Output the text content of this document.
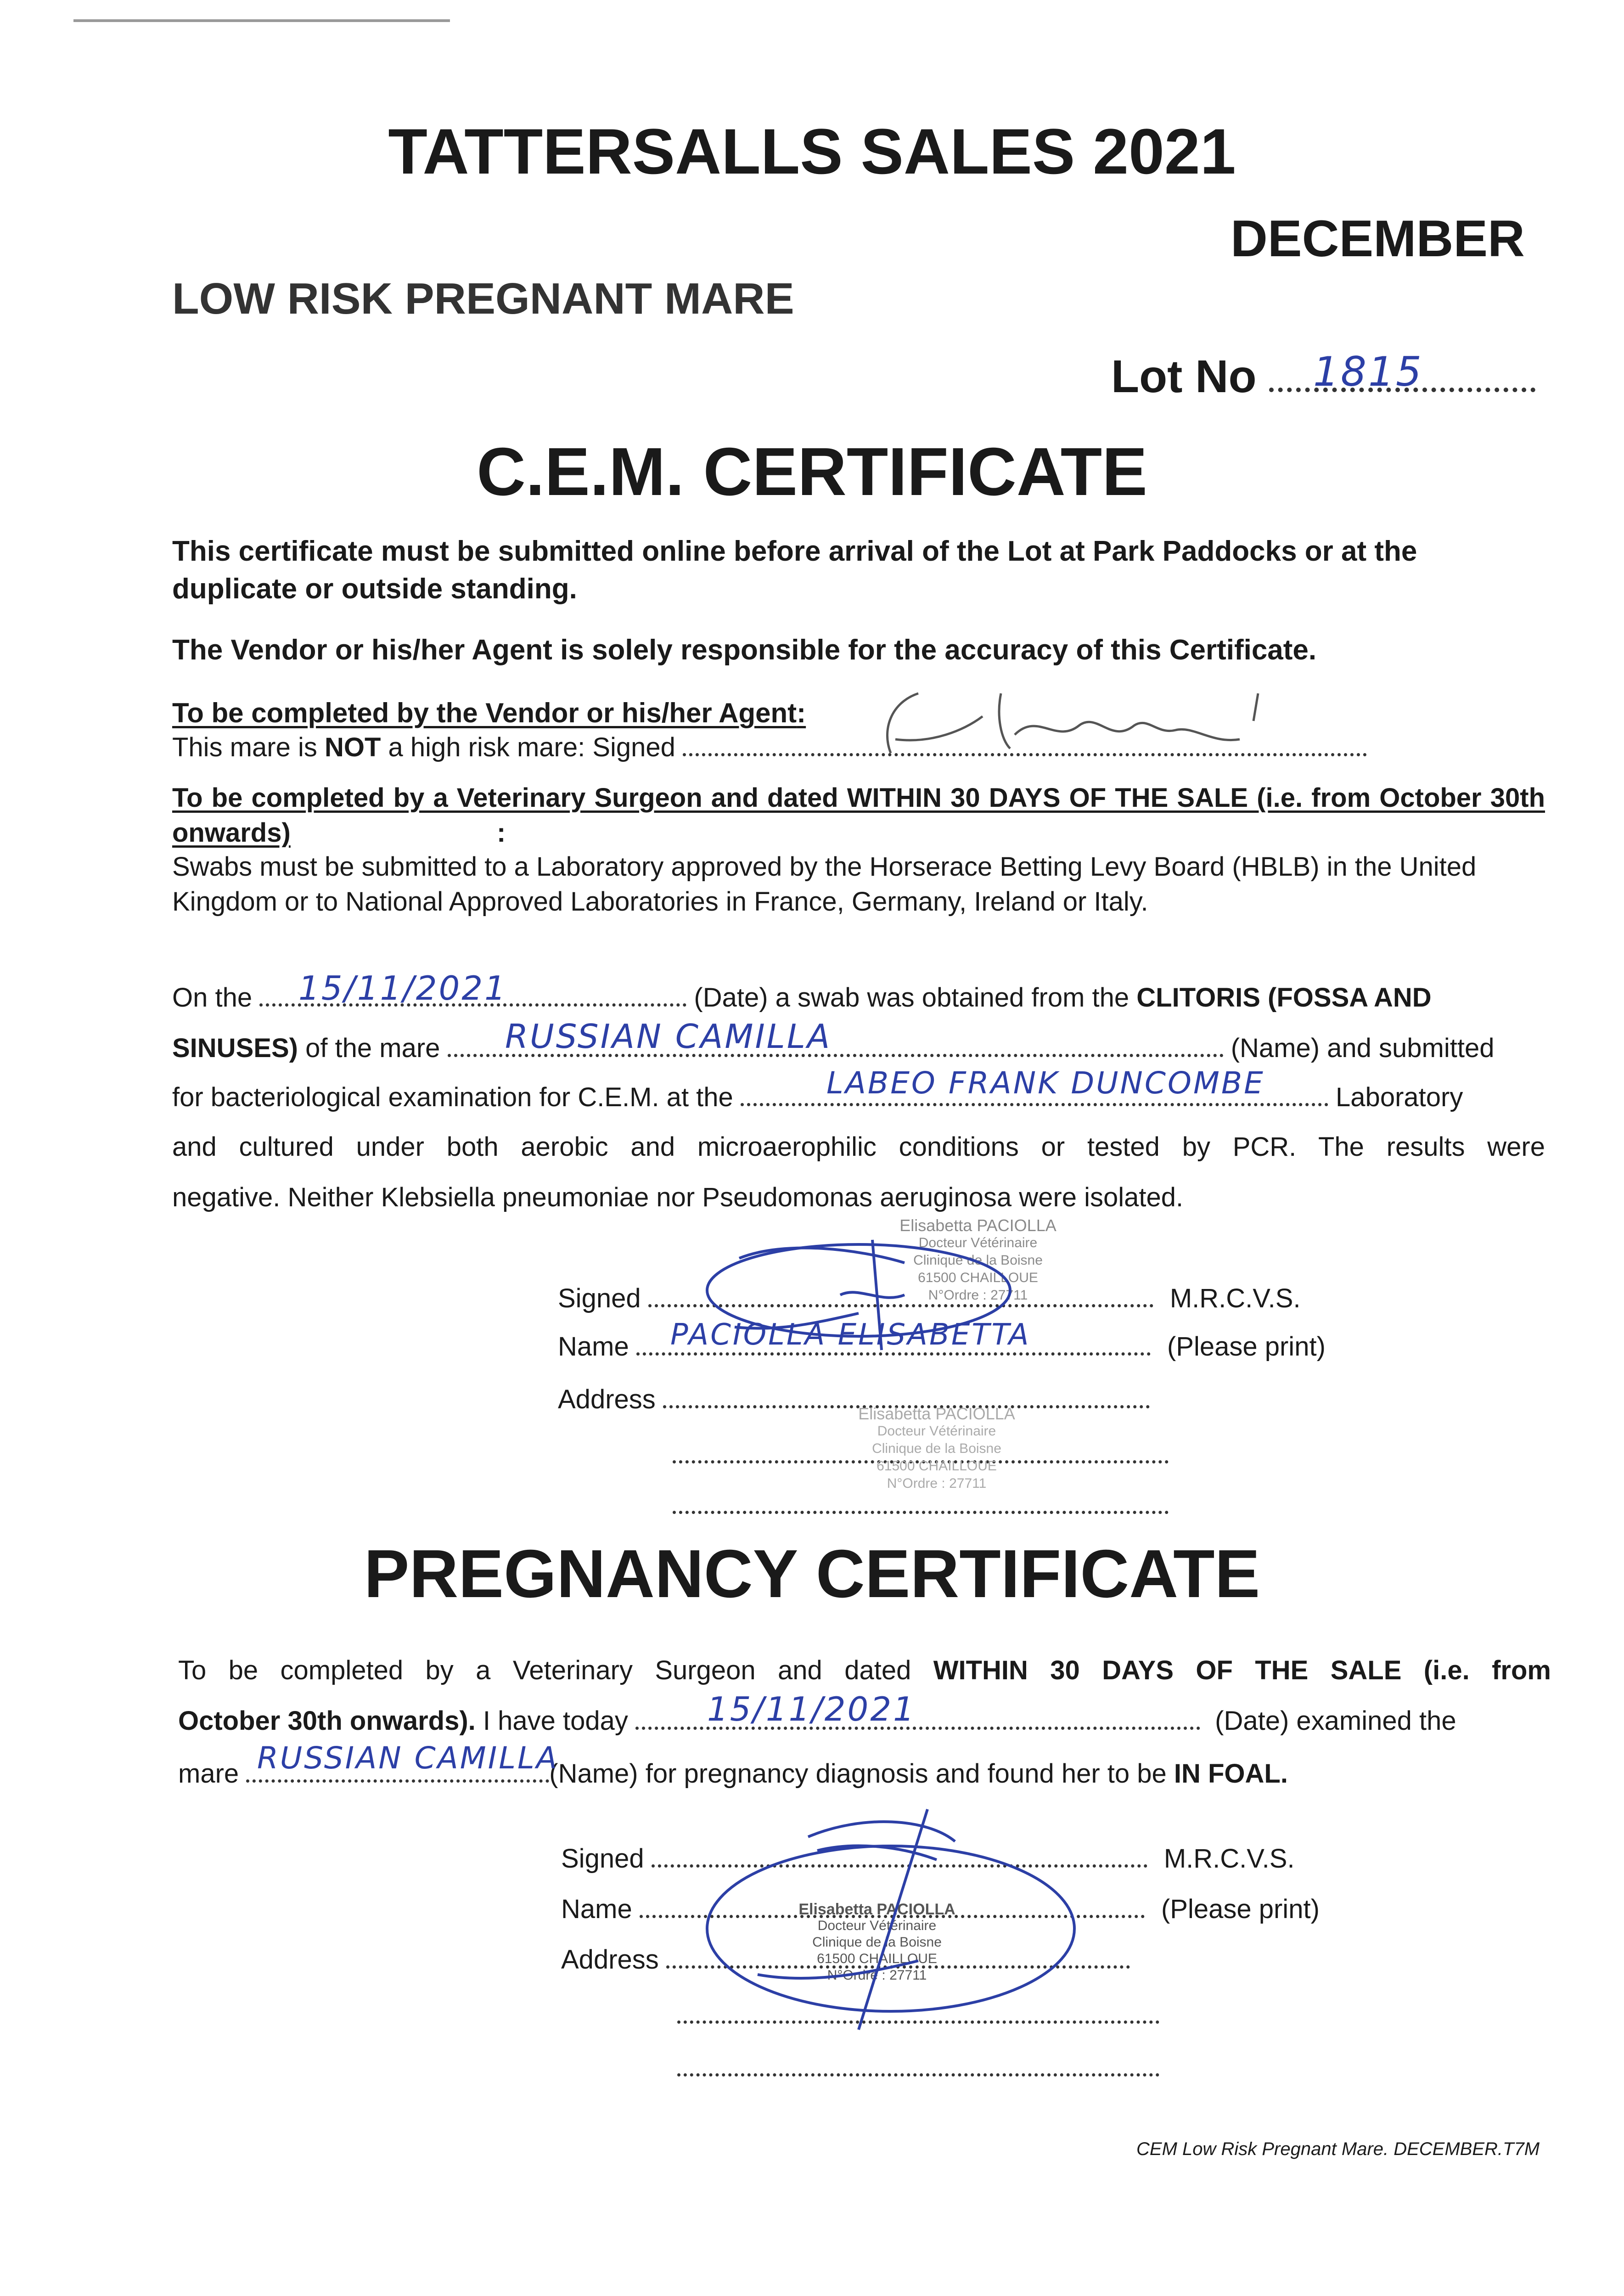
TATTERSALLS SALES 2021
DECEMBER
LOW RISK PREGNANT MARE
Lot No 1815
C.E.M. CERTIFICATE
This certificate must be submitted online before arrival of the Lot at Park Paddocks or at the duplicate or outside standing.
The Vendor or his/her Agent is solely responsible for the accuracy of this Certificate.
To be completed by the Vendor or his/her Agent:
This mare is NOT a high risk mare: Signed
To be completed by a Veterinary Surgeon and dated WITHIN 30 DAYS OF THE SALE (i.e. from October 30th onwards)	:
Swabs must be submitted to a Laboratory approved by the Horserace Betting Levy Board (HBLB) in the United Kingdom or to National Approved Laboratories in France, Germany, Ireland or Italy.
On the	(Date) a swab was obtained from the CLITORIS (FOSSA AND
15/11/2021
SINUSES) of the mare	(Name) and submitted
RUSSIAN CAMILLA
for bacteriological examination for C.E.M. at the	Laboratory
LABEO FRANK DUNCOMBE
and cultured under both aerobic and microaerophilic conditions or tested by PCR. The results were
negative. Neither Klebsiella pneumoniae nor Pseudomonas aeruginosa were isolated.
Signed	M.R.C.V.S.
Name	(Please print)
PACIOLLA ELISABETTA
Address
Elisabetta PACIOLLA
Docteur Vétérinaire
Clinique de la Boisne
61500 CHAILLOUE
N°Ordre : 27711
Elisabetta PACIOLLA
Docteur Vétérinaire
Clinique de la Boisne
61500 CHAILLOUE
N°Ordre : 27711
PREGNANCY CERTIFICATE
To be completed by a Veterinary Surgeon and dated WITHIN 30 DAYS OF THE SALE (i.e. from
October 30th onwards). I have today	(Date) examined the
15/11/2021
mare	(Name) for pregnancy diagnosis and found her to be IN FOAL.
RUSSIAN CAMILLA
Signed	M.R.C.V.S.
Name	(Please print)
Address
Elisabetta PACIOLLA
Docteur Vétérinaire
Clinique de la Boisne
61500 CHAILLOUE
N°Ordre : 27711
CEM Low Risk Pregnant Mare. DECEMBER.T7M
